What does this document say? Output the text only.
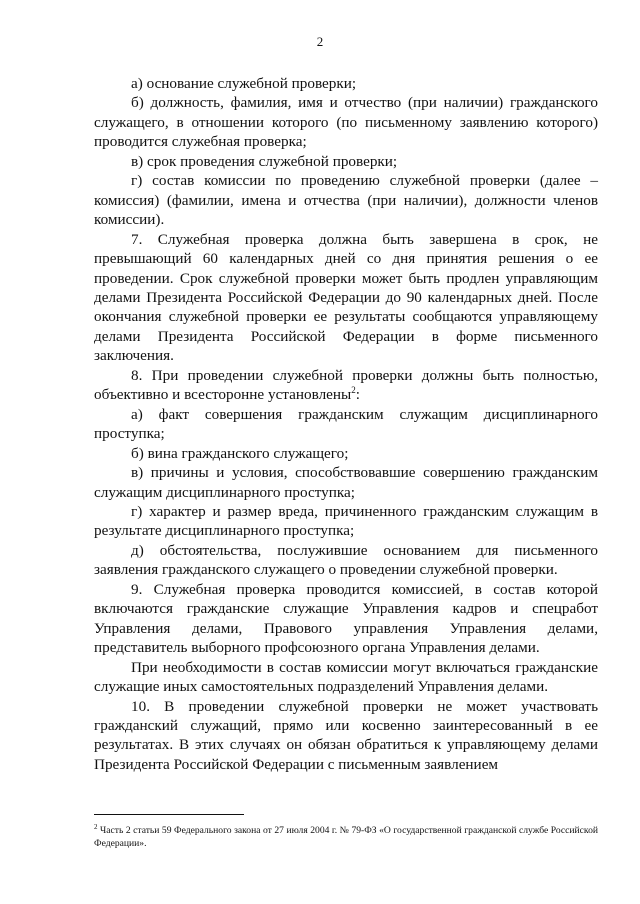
2

а) основание служебной проверки;

б) должность, фамилия, имя и отчество (при наличии) гражданского служащего, в отношении которого (по письменному заявлению которого) проводится служебная проверка;

в) срок проведения служебной проверки;

г) состав комиссии по проведению служебной проверки (далее – комиссия) (фамилии, имена и отчества (при наличии), должности членов комиссии).

7. Служебная проверка должна быть завершена в срок, не превышающий 60 календарных дней со дня принятия решения о ее проведении. Срок служебной проверки может быть продлен управляющим делами Президента Российской Федерации до 90 календарных дней. После окончания служебной проверки ее результаты сообщаются управляющему делами Президента Российской Федерации в форме письменного заключения.

8. При проведении служебной проверки должны быть полностью, объективно и всесторонне установлены$^2$:

а) факт совершения гражданским служащим дисциплинарного проступка;

б) вина гражданского служащего;

в) причины и условия, способствовавшие совершению гражданским служащим дисциплинарного проступка;

г) характер и размер вреда, причиненного гражданским служащим в результате дисциплинарного проступка;

д) обстоятельства, послужившие основанием для письменного заявления гражданского служащего о проведении служебной проверки.

9. Служебная проверка проводится комиссией, в состав которой включаются гражданские служащие Управления кадров и спецработ Управления делами, Правового управления Управления делами, представитель выборного профсоюзного органа Управления делами.

При необходимости в состав комиссии могут включаться гражданские служащие иных самостоятельных подразделений Управления делами.

10. В проведении служебной проверки не может участвовать гражданский служащий, прямо или косвенно заинтересованный в ее результатах. В этих случаях он обязан обратиться к управляющему делами Президента Российской Федерации с письменным заявлением

$^2$ Часть 2 статьи 59 Федерального закона от 27 июля 2004 г. № 79-ФЗ «О государственной гражданской службе Российской Федерации».
